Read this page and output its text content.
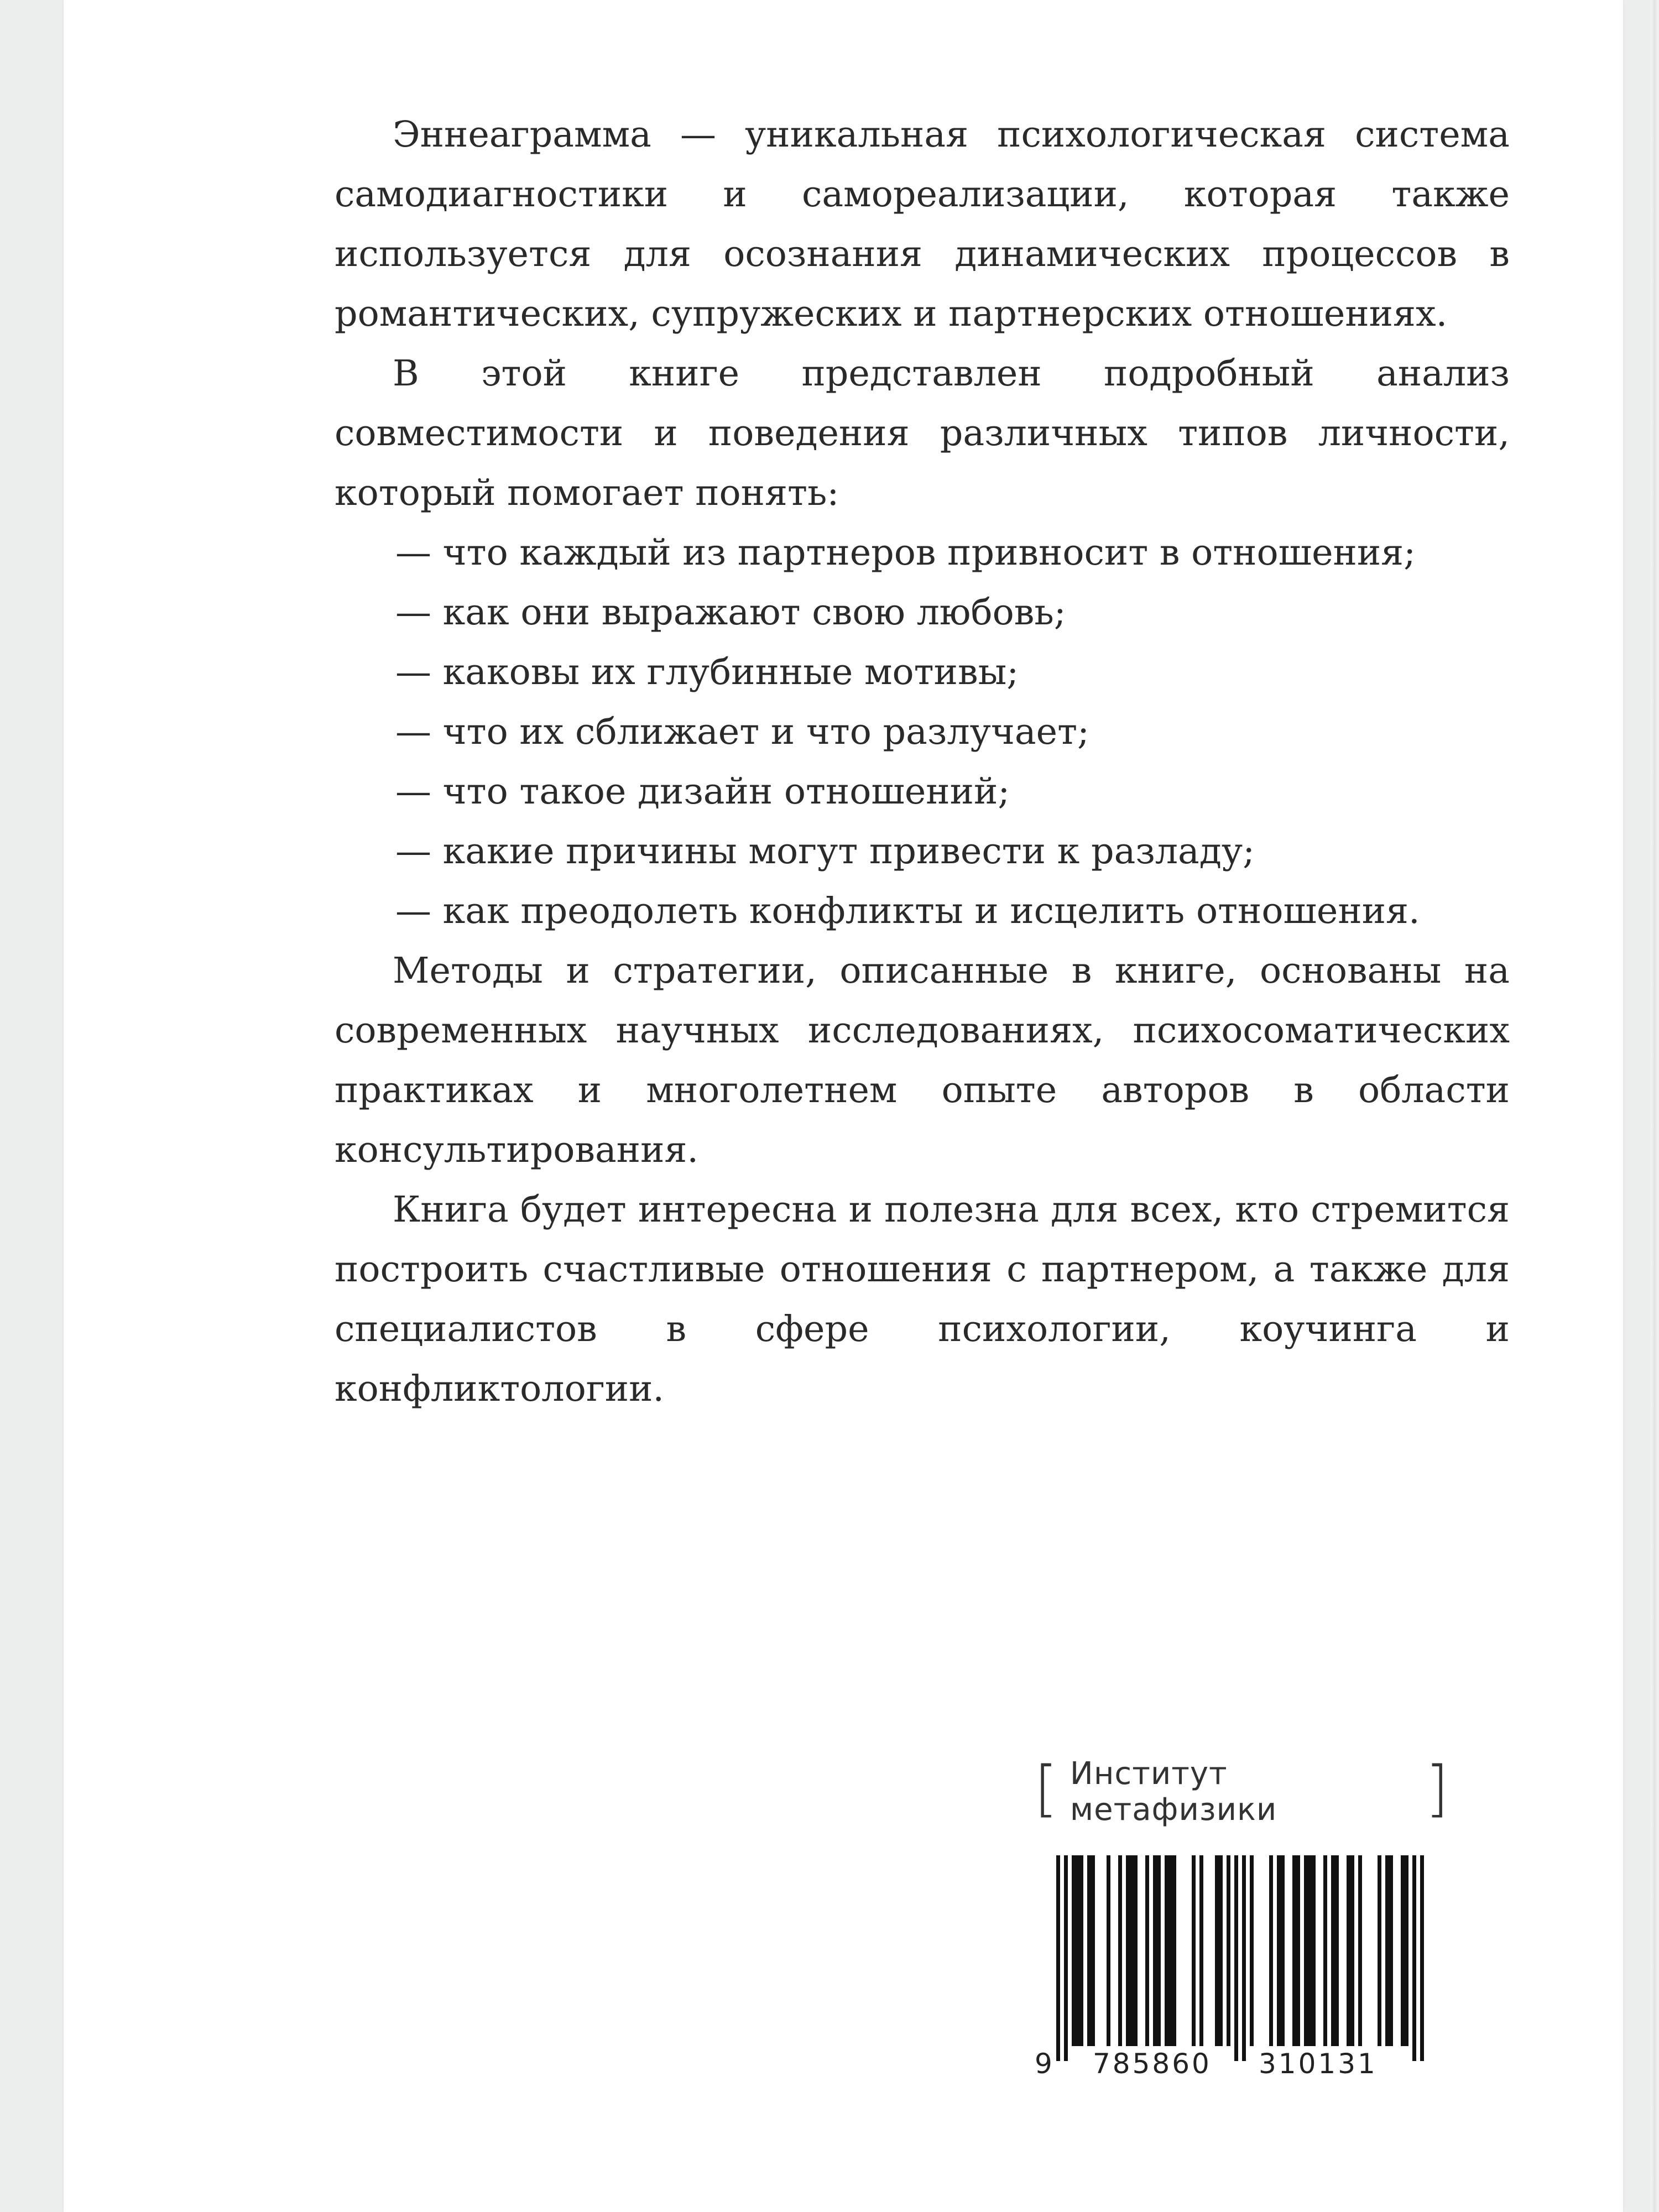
Эннеаграмма — уникальная психологическая система самодиагностики и самореализации, которая также используется для осознания динамических процессов в романтических, супружеских и партнерских отношениях.

В этой книге представлен подробный анализ совместимости и поведения различных типов личности, который помогает понять:

— что каждый из партнеров привносит в отношения;
— как они выражают свою любовь;
— каковы их глубинные мотивы;
— что их сближает и что разлучает;
— что такое дизайн отношений;
— какие причины могут привести к разладу;
— как преодолеть конфликты и исцелить отношения.

Методы и стратегии, описанные в книге, основаны на современных научных исследованиях, психосоматических практиках и многолетнем опыте авторов в области консультирования.

Книга будет интересна и полезна для всех, кто стремится построить счастливые отношения с партнером, а также для специалистов в сфере психологии, коучинга и конфликтологии.

[ Институт метафизики	]
9 785860 310131
